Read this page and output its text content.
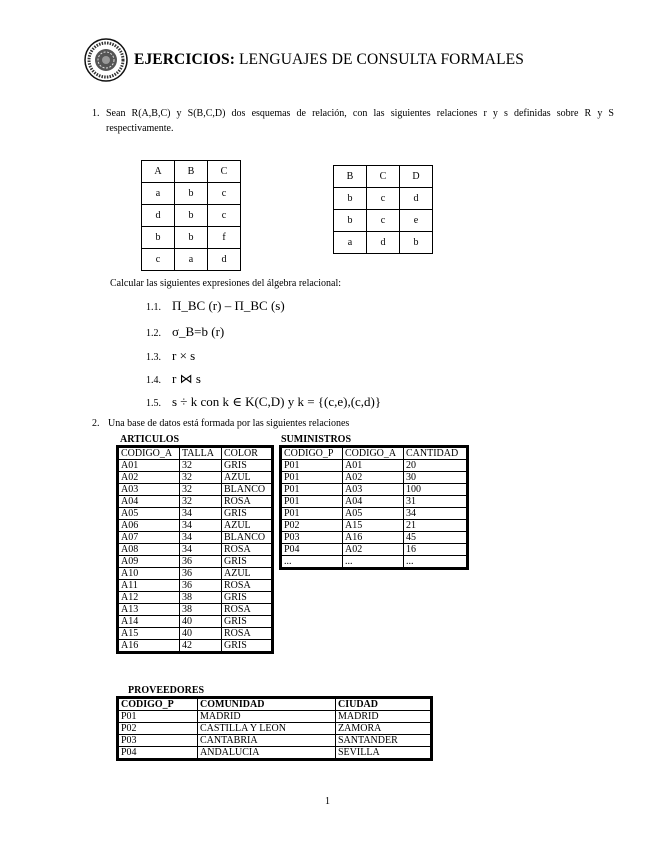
EJERCICIOS: LENGUAJES DE CONSULTA FORMALES
1. Sean R(A,B,C) y S(B,C,D) dos esquemas de relación, con las siguientes relaciones r y s definidas sobre R y S respectivamente.
A	B	C
a	b	c
d	b	c
b	b	f
c	a	d
B	C	D
b	c	d
b	c	e
a	d	b
Calcular las siguientes expresiones del álgebra relacional:
1.1. Π_BC (r) – Π_BC (s)
1.2. σ_B=b (r)
1.3. r × s
1.4. r ⋈ s
1.5. s ÷ k con k ∈ K(C,D) y k = {(c,e),(c,d)}
2. Una base de datos está formada por las siguientes relaciones
ARTICULOS
CODIGO_A	TALLA	COLOR
A01	32	GRIS
A02	32	AZUL
A03	32	BLANCO
A04	32	ROSA
A05	34	GRIS
A06	34	AZUL
A07	34	BLANCO
A08	34	ROSA
A09	36	GRIS
A10	36	AZUL
A11	36	ROSA
A12	38	GRIS
A13	38	ROSA
A14	40	GRIS
A15	40	ROSA
A16	42	GRIS
SUMINISTROS
CODIGO_P	CODIGO_A	CANTIDAD
P01	A01	20
P01	A02	30
P01	A03	100
P01	A04	31
P01	A05	34
P02	A15	21
P03	A16	45
P04	A02	16
...	...	...
PROVEEDORES
CODIGO_P	COMUNIDAD	CIUDAD
P01	MADRID	MADRID
P02	CASTILLA Y LEON	ZAMORA
P03	CANTABRIA	SANTANDER
P04	ANDALUCIA	SEVILLA
1
